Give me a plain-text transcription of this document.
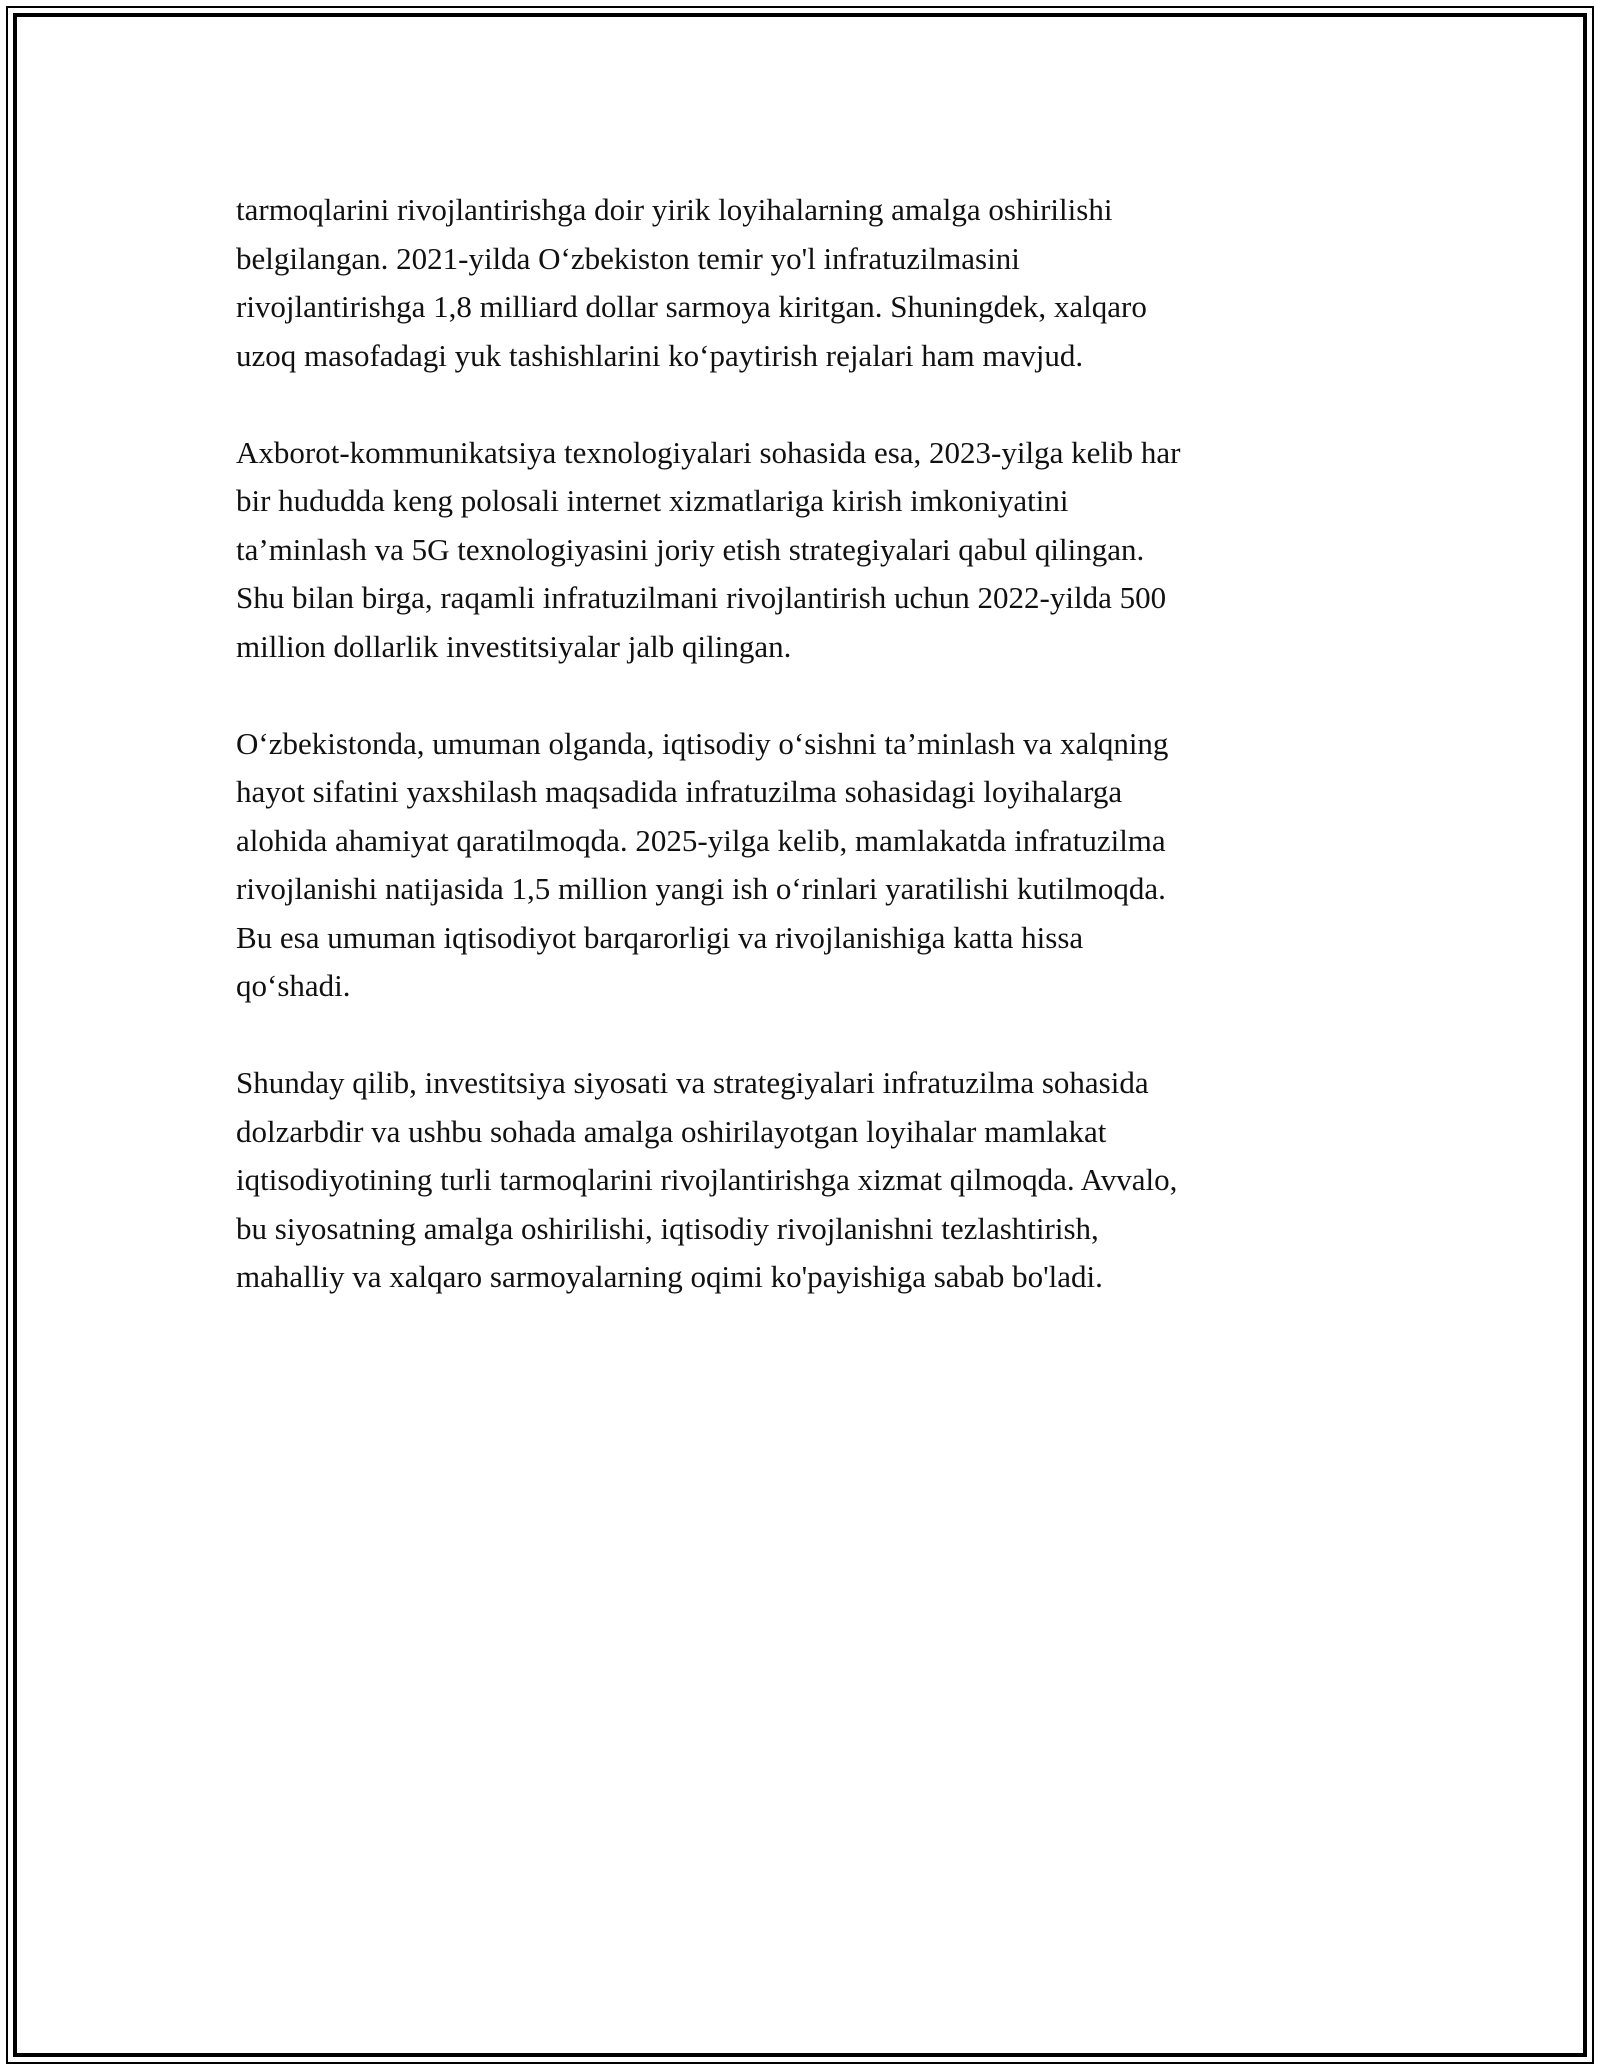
tarmoqlarini rivojlantirishga doir yirik loyihalarning amalga oshirilishi
belgilangan. 2021-yilda O‘zbekiston temir yo'l infratuzilmasini
rivojlantirishga 1,8 milliard dollar sarmoya kiritgan. Shuningdek, xalqaro
uzoq masofadagi yuk tashishlarini ko‘paytirish rejalari ham mavjud.

Axborot-kommunikatsiya texnologiyalari sohasida esa, 2023-yilga kelib har
bir hududda keng polosali internet xizmatlariga kirish imkoniyatini
ta’minlash va 5G texnologiyasini joriy etish strategiyalari qabul qilingan.
Shu bilan birga, raqamli infratuzilmani rivojlantirish uchun 2022-yilda 500
million dollarlik investitsiyalar jalb qilingan.

O‘zbekistonda, umuman olganda, iqtisodiy o‘sishni ta’minlash va xalqning
hayot sifatini yaxshilash maqsadida infratuzilma sohasidagi loyihalarga
alohida ahamiyat qaratilmoqda. 2025-yilga kelib, mamlakatda infratuzilma
rivojlanishi natijasida 1,5 million yangi ish o‘rinlari yaratilishi kutilmoqda.
Bu esa umuman iqtisodiyot barqarorligi va rivojlanishiga katta hissa
qo‘shadi.

Shunday qilib, investitsiya siyosati va strategiyalari infratuzilma sohasida
dolzarbdir va ushbu sohada amalga oshirilayotgan loyihalar mamlakat
iqtisodiyotining turli tarmoqlarini rivojlantirishga xizmat qilmoqda. Avvalo,
bu siyosatning amalga oshirilishi, iqtisodiy rivojlanishni tezlashtirish,
mahalliy va xalqaro sarmoyalarning oqimi ko'payishiga sabab bo'ladi.
